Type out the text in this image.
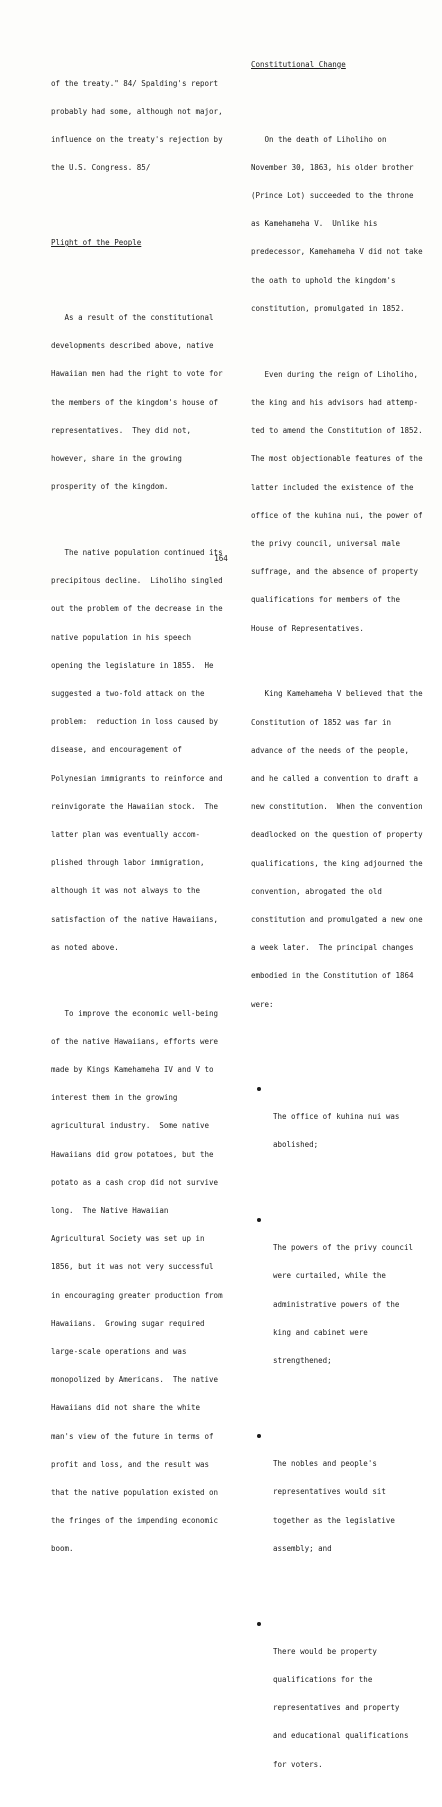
of the treaty." 84/ Spalding's report

probably had some, although not major,

influence on the treaty's rejection by

the U.S. Congress. 85/

Plight of the People

As a result of the constitutional

developments described above, native

Hawaiian men had the right to vote for

the members of the kingdom's house of

representatives.  They did not,

however, share in the growing

prosperity of the kingdom.

The native population continued its

precipitous decline.  Liholiho singled

out the problem of the decrease in the

native population in his speech

opening the legislature in 1855.  He

suggested a two-fold attack on the

problem:  reduction in loss caused by

disease, and encouragement of

Polynesian immigrants to reinforce and

reinvigorate the Hawaiian stock.  The

latter plan was eventually accom-

plished through labor immigration,

although it was not always to the

satisfaction of the native Hawaiians,

as noted above.

To improve the economic well-being

of the native Hawaiians, efforts were

made by Kings Kamehameha IV and V to

interest them in the growing

agricultural industry.  Some native

Hawaiians did grow potatoes, but the

potato as a cash crop did not survive

long.  The Native Hawaiian

Agricultural Society was set up in

1856, but it was not very successful

in encouraging greater production from

Hawaiians.  Growing sugar required

large-scale operations and was

monopolized by Americans.  The native

Hawaiians did not share the white

man's view of the future in terms of

profit and loss, and the result was

that the native population existed on

the fringes of the impending economic

boom.

Constitutional Change

On the death of Liholiho on

November 30, 1863, his older brother

(Prince Lot) succeeded to the throne

as Kamehameha V.  Unlike his

predecessor, Kamehameha V did not take

the oath to uphold the kingdom's

constitution, promulgated in 1852.

Even during the reign of Liholiho,

the king and his advisors had attemp-

ted to amend the Constitution of 1852.

The most objectionable features of the

latter included the existence of the

office of the kuhina nui, the power of

the privy council, universal male

suffrage, and the absence of property

qualifications for members of the

House of Representatives.

King Kamehameha V believed that the

Constitution of 1852 was far in

advance of the needs of the people,

and he called a convention to draft a

new constitution.  When the convention

deadlocked on the question of property

qualifications, the king adjourned the

convention, abrogated the old

constitution and promulgated a new one

a week later.  The principal changes

embodied in the Constitution of 1864

were:

The office of kuhina nui was

abolished;

The powers of the privy council

were curtailed, while the

administrative powers of the

king and cabinet were

strengthened;

The nobles and people's

representatives would sit

together as the legislative

assembly; and

There would be property

qualifications for the

representatives and property

and educational qualifications

for voters.

164
